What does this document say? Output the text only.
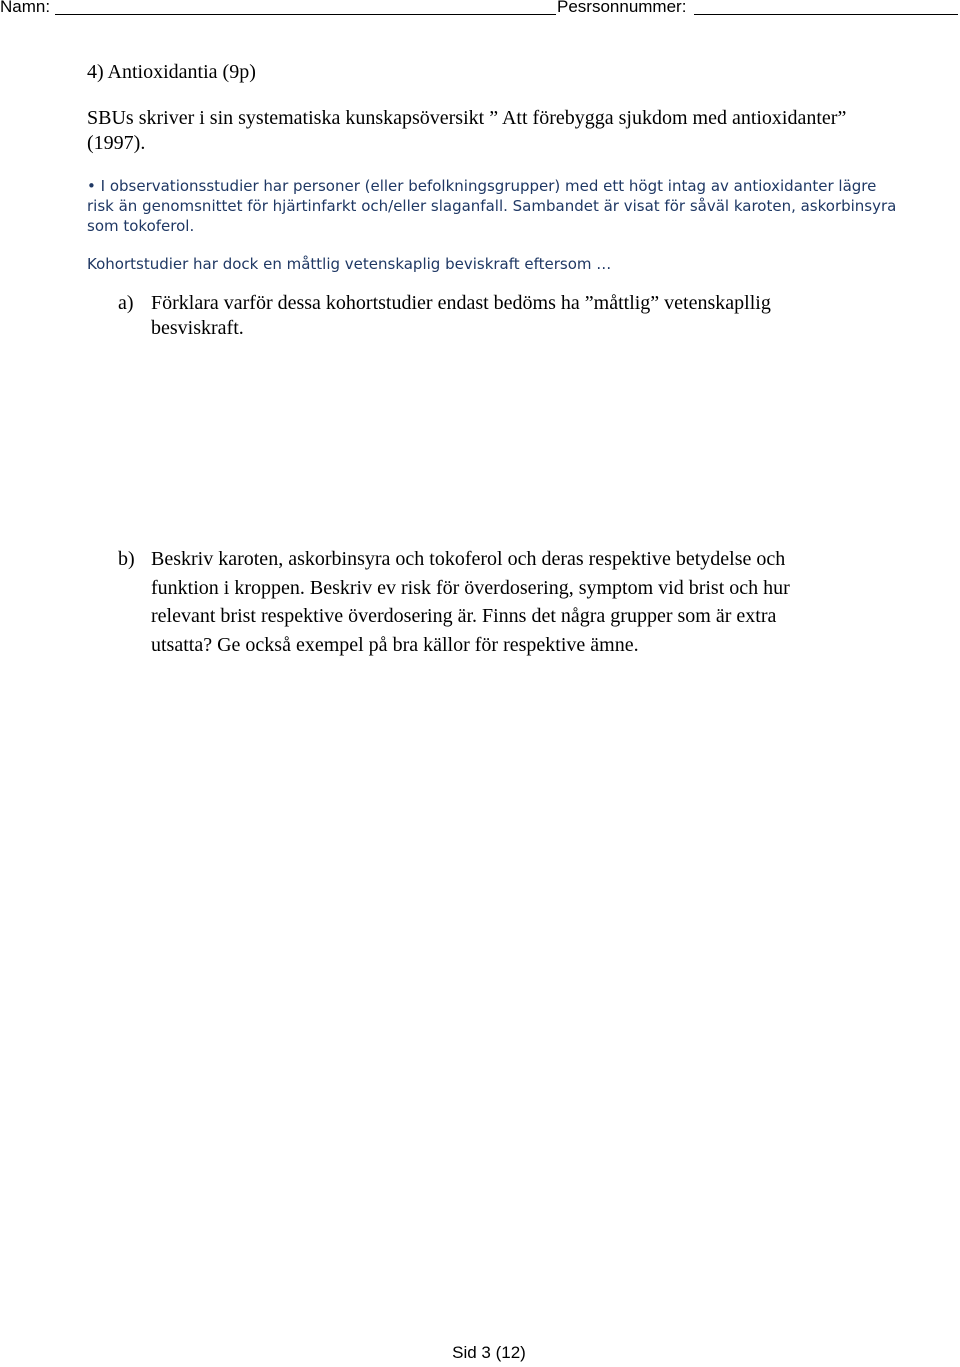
Namn:	Pesrsonnummer:
4) Antioxidantia (9p)
SBUs skriver i sin systematiska kunskapsöversikt ” Att förebygga sjukdom med antioxidanter” (1997).
• I observationsstudier har personer (eller befolkningsgrupper) med ett högt intag av antioxidanter lägre risk än genomsnittet för hjärtinfarkt och/eller slaganfall. Sambandet är visat för såväl karoten, askorbinsyra som tokoferol.
Kohortstudier har dock en måttlig vetenskaplig beviskraft eftersom …
a) Förklara varför dessa kohortstudier endast bedöms ha ”måttlig” vetenskapllig besviskraft.
b) Beskriv karoten, askorbinsyra och tokoferol och deras respektive betydelse och funktion i kroppen. Beskriv ev risk för överdosering, symptom vid brist och hur relevant brist respektive överdosering är. Finns det några grupper som är extra utsatta? Ge också exempel på bra källor för respektive ämne.
Sid 3 (12)
